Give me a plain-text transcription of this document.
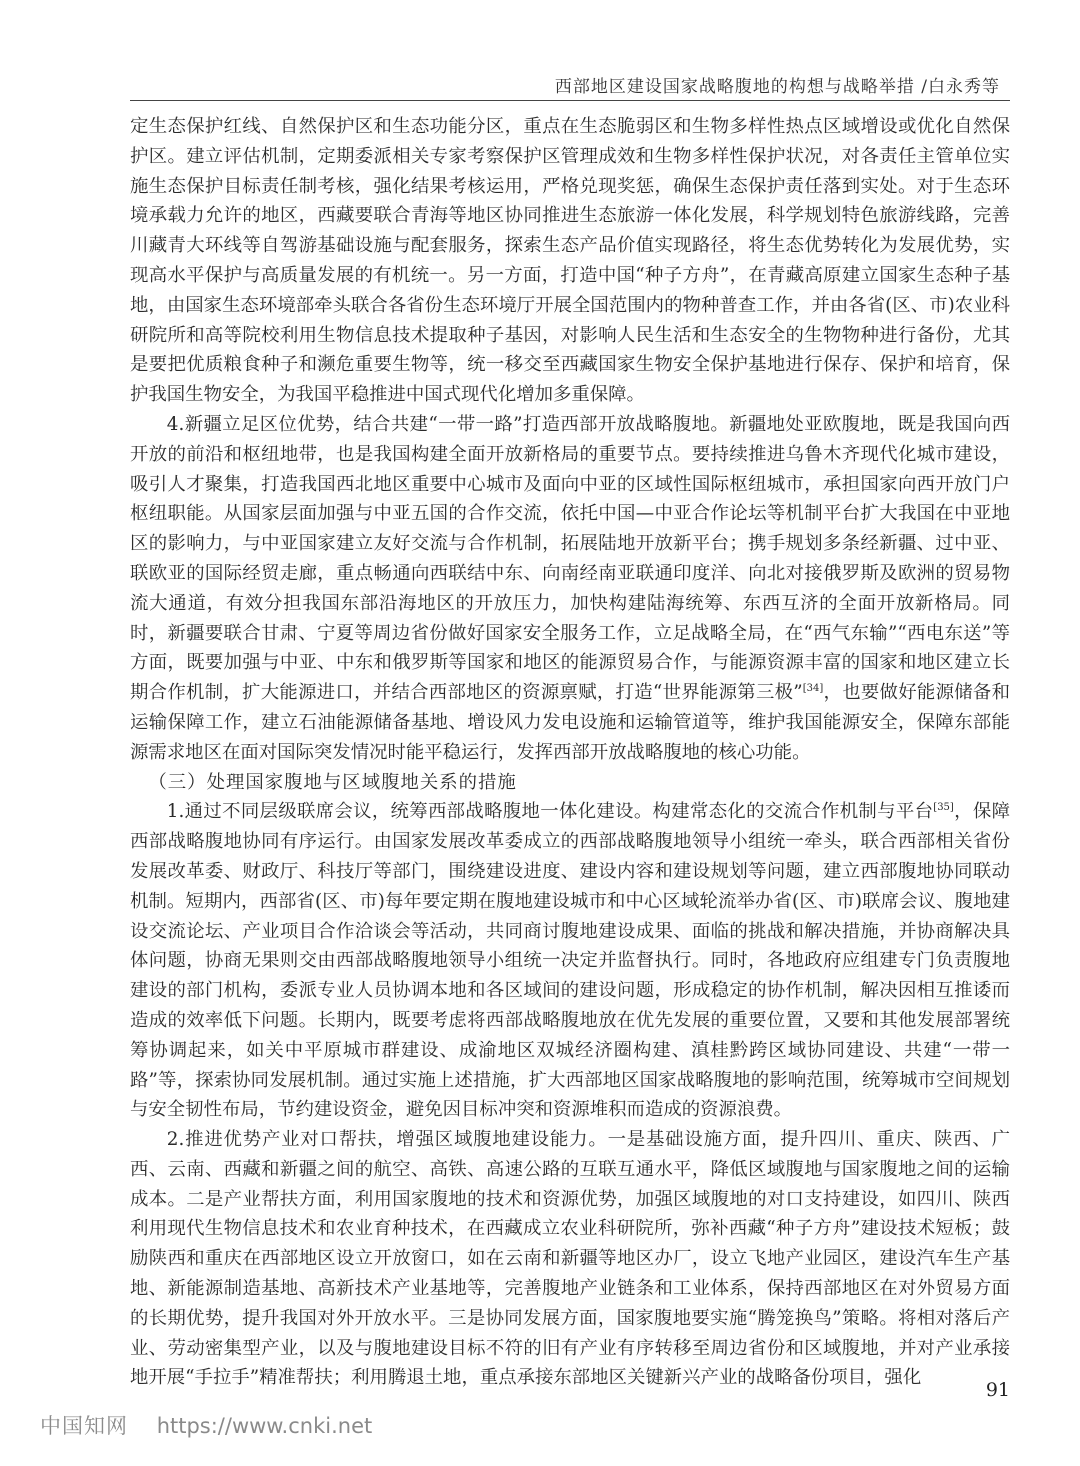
西部地区建设国家战略腹地的构想与战略举措 /白永秀等

定生态保护红线、自然保护区和生态功能分区，重点在生态脆弱区和生物多样性热点区域增设或优化自然保护区。建立评估机制，定期委派相关专家考察保护区管理成效和生物多样性保护状况，对各责任主管单位实施生态保护目标责任制考核，强化结果考核运用，严格兑现奖惩，确保生态保护责任落到实处。对于生态环境承载力允许的地区，西藏要联合青海等地区协同推进生态旅游一体化发展，科学规划特色旅游线路，完善川藏青大环线等自驾游基础设施与配套服务，探索生态产品价值实现路径，将生态优势转化为发展优势，实现高水平保护与高质量发展的有机统一。另一方面，打造中国“种子方舟”，在青藏高原建立国家生态种子基地，由国家生态环境部牵头联合各省份生态环境厅开展全国范围内的物种普查工作，并由各省(区、市)农业科研院所和高等院校利用生物信息技术提取种子基因，对影响人民生活和生态安全的生物物种进行备份，尤其是要把优质粮食种子和濒危重要生物等，统一移交至西藏国家生物安全保护基地进行保存、保护和培育，保护我国生物安全，为我国平稳推进中国式现代化增加多重保障。

4.新疆立足区位优势，结合共建“一带一路”打造西部开放战略腹地。新疆地处亚欧腹地，既是我国向西开放的前沿和枢纽地带，也是我国构建全面开放新格局的重要节点。要持续推进乌鲁木齐现代化城市建设，吸引人才聚集，打造我国西北地区重要中心城市及面向中亚的区域性国际枢纽城市，承担国家向西开放门户枢纽职能。从国家层面加强与中亚五国的合作交流，依托中国—中亚合作论坛等机制平台扩大我国在中亚地区的影响力，与中亚国家建立友好交流与合作机制，拓展陆地开放新平台；携手规划多条经新疆、过中亚、联欧亚的国际经贸走廊，重点畅通向西联结中东、向南经南亚联通印度洋、向北对接俄罗斯及欧洲的贸易物流大通道，有效分担我国东部沿海地区的开放压力，加快构建陆海统筹、东西互济的全面开放新格局。同时，新疆要联合甘肃、宁夏等周边省份做好国家安全服务工作，立足战略全局，在“西气东输”“西电东送”等方面，既要加强与中亚、中东和俄罗斯等国家和地区的能源贸易合作，与能源资源丰富的国家和地区建立长期合作机制，扩大能源进口，并结合西部地区的资源禀赋，打造“世界能源第三极”[34]，也要做好能源储备和运输保障工作，建立石油能源储备基地、增设风力发电设施和运输管道等，维护我国能源安全，保障东部能源需求地区在面对国际突发情况时能平稳运行，发挥西部开放战略腹地的核心功能。

（三）处理国家腹地与区域腹地关系的措施

1.通过不同层级联席会议，统筹西部战略腹地一体化建设。构建常态化的交流合作机制与平台[35]，保障西部战略腹地协同有序运行。由国家发展改革委成立的西部战略腹地领导小组统一牵头，联合西部相关省份发展改革委、财政厅、科技厅等部门，围绕建设进度、建设内容和建设规划等问题，建立西部腹地协同联动机制。短期内，西部省(区、市)每年要定期在腹地建设城市和中心区域轮流举办省(区、市)联席会议、腹地建设交流论坛、产业项目合作洽谈会等活动，共同商讨腹地建设成果、面临的挑战和解决措施，并协商解决具体问题，协商无果则交由西部战略腹地领导小组统一决定并监督执行。同时，各地政府应组建专门负责腹地建设的部门机构，委派专业人员协调本地和各区域间的建设问题，形成稳定的协作机制，解决因相互推诿而造成的效率低下问题。长期内，既要考虑将西部战略腹地放在优先发展的重要位置，又要和其他发展部署统筹协调起来，如关中平原城市群建设、成渝地区双城经济圈构建、滇桂黔跨区域协同建设、共建“一带一路”等，探索协同发展机制。通过实施上述措施，扩大西部地区国家战略腹地的影响范围，统筹城市空间规划与安全韧性布局，节约建设资金，避免因目标冲突和资源堆积而造成的资源浪费。

2.推进优势产业对口帮扶，增强区域腹地建设能力。一是基础设施方面，提升四川、重庆、陕西、广西、云南、西藏和新疆之间的航空、高铁、高速公路的互联互通水平，降低区域腹地与国家腹地之间的运输成本。二是产业帮扶方面，利用国家腹地的技术和资源优势，加强区域腹地的对口支持建设，如四川、陕西利用现代生物信息技术和农业育种技术，在西藏成立农业科研院所，弥补西藏“种子方舟”建设技术短板；鼓励陕西和重庆在西部地区设立开放窗口，如在云南和新疆等地区办厂，设立飞地产业园区，建设汽车生产基地、新能源制造基地、高新技术产业基地等，完善腹地产业链条和工业体系，保持西部地区在对外贸易方面的长期优势，提升我国对外开放水平。三是协同发展方面，国家腹地要实施“腾笼换鸟”策略。将相对落后产业、劳动密集型产业，以及与腹地建设目标不符的旧有产业有序转移至周边省份和区域腹地，并对产业承接地开展“手拉手”精准帮扶；利用腾退土地，重点承接东部地区关键新兴产业的战略备份项目，强化

91
中国知网 https://www.cnki.net
